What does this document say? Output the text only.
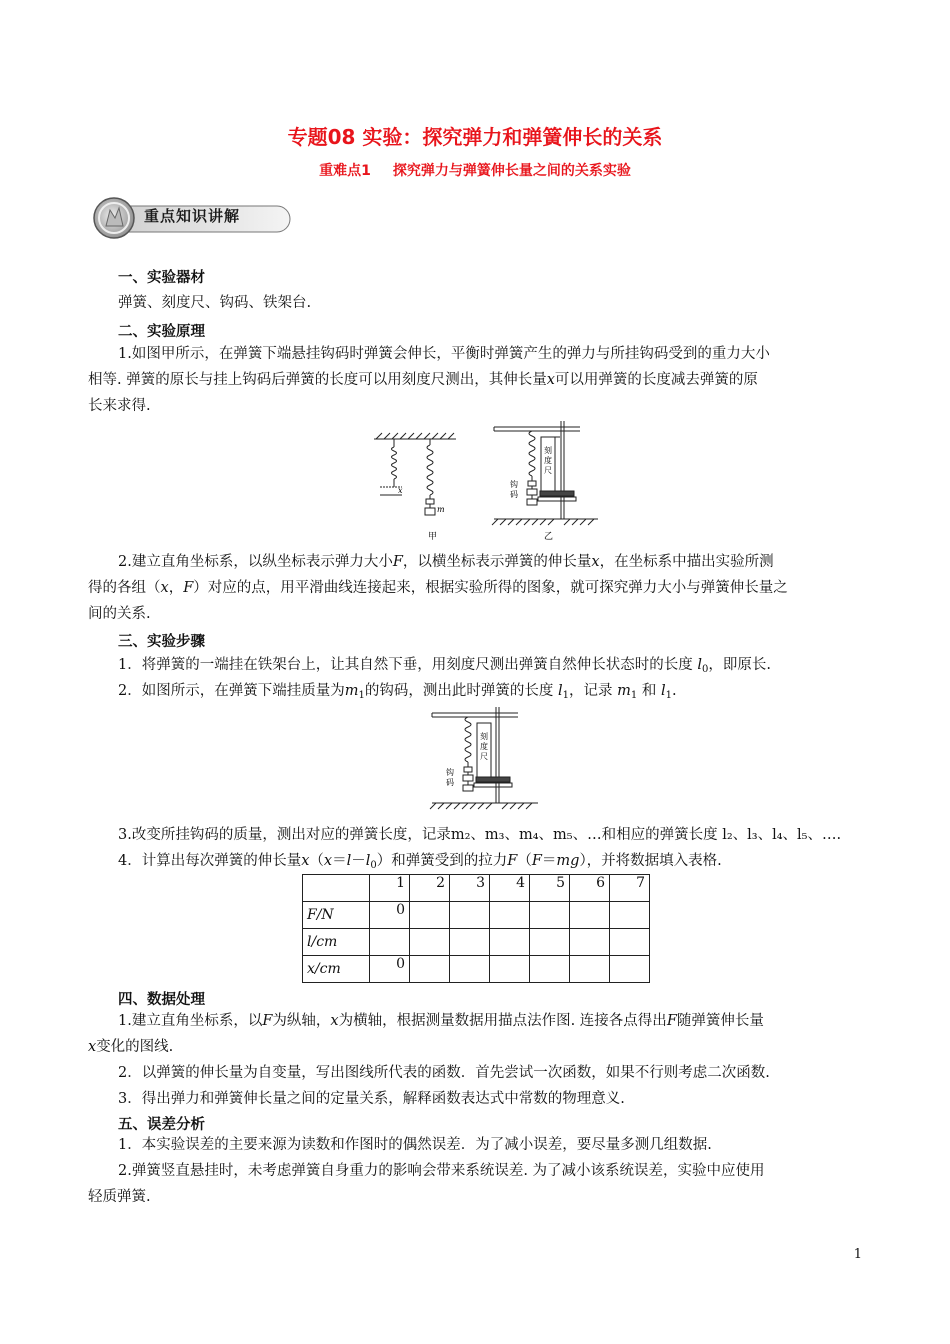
专题08 实验：探究弹力和弹簧伸长的关系
重难点1 探究弹力与弹簧伸长量之间的关系实验
重点知识讲解
一、实验器材
弹簧、刻度尺、钩码、铁架台.
二、实验原理
1.如图甲所示，在弹簧下端悬挂钩码时弹簧会伸长，平衡时弹簧产生的弹力与所挂钩码受到的重力大小
相等. 弹簧的原长与挂上钩码后弹簧的长度可以用刻度尺测出，其伸长量x可以用弹簧的长度减去弹簧的原
长来求得.
x
m
刻
度
尺
钩
码
甲	乙
2.建立直角坐标系，以纵坐标表示弹力大小F，以横坐标表示弹簧的伸长量x，在坐标系中描出实验所测
得的各组（x，F）对应的点，用平滑曲线连接起来，根据实验所得的图象，就可探究弹力大小与弹簧伸长量之
间的关系.
三、实验步骤
1．将弹簧的一端挂在铁架台上，让其自然下垂，用刻度尺测出弹簧自然伸长状态时的长度 $l_0$，即原长.
2．如图所示，在弹簧下端挂质量为$m_1$的钩码，测出此时弹簧的长度 $l_1$，记录 $m_1$ 和 $l_1$.
刻
度
尺
钩
码
3.改变所挂钩码的质量，测出对应的弹簧长度，记录m₂、m₃、m₄、m₅、…和相应的弹簧长度 l₂、l₃、l₄、l₅、….
4．计算出每次弹簧的伸长量$x(x=l-l_0)$和弹簧受到的拉力F（F＝mg），并将数据填入表格.
	1	2	3	4	5	6	7
F/N	0						
l/cm							
x/cm	0						
四、数据处理
1.建立直角坐标系，以F为纵轴，x为横轴，根据测量数据用描点法作图. 连接各点得出F随弹簧伸长量
x变化的图线.
2．以弹簧的伸长量为自变量，写出图线所代表的函数．首先尝试一次函数，如果不行则考虑二次函数.
3．得出弹力和弹簧伸长量之间的定量关系，解释函数表达式中常数的物理意义.
五、误差分析
1．本实验误差的主要来源为读数和作图时的偶然误差．为了减小误差，要尽量多测几组数据.
2.弹簧竖直悬挂时，未考虑弹簧自身重力的影响会带来系统误差. 为了减小该系统误差，实验中应使用
轻质弹簧.
1
